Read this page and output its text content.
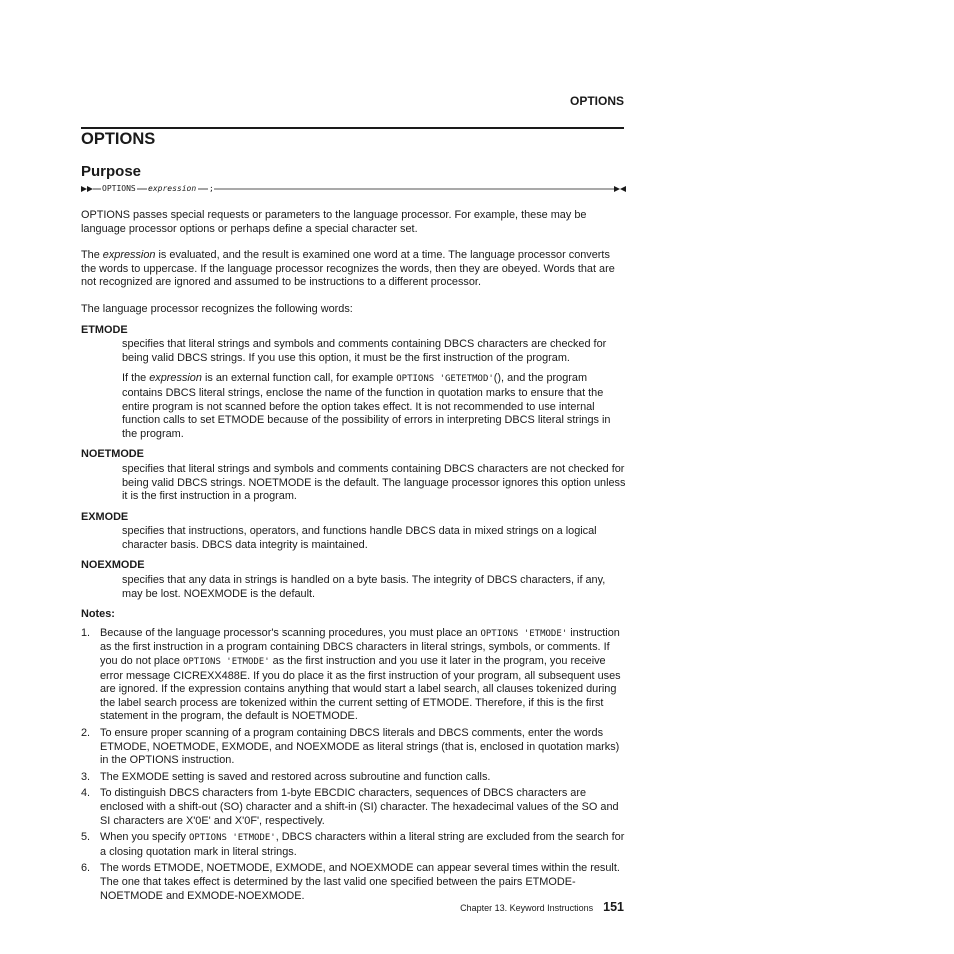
OPTIONS
OPTIONS
Purpose
OPTIONS expression ;

OPTIONS passes special requests or parameters to the language processor. For example, these may be language processor options or perhaps define a special character set.

The expression is evaluated, and the result is examined one word at a time. The language processor converts the words to uppercase. If the language processor recognizes the words, then they are obeyed. Words that are not recognized are ignored and assumed to be instructions to a different processor.

The language processor recognizes the following words:

ETMODE

specifies that literal strings and symbols and comments containing DBCS characters are checked for being valid DBCS strings. If you use this option, it must be the first instruction of the program.

If the expression is an external function call, for example OPTIONS 'GETETMOD'(), and the program contains DBCS literal strings, enclose the name of the function in quotation marks to ensure that the entire program is not scanned before the option takes effect. It is not recommended to use internal function calls to set ETMODE because of the possibility of errors in interpreting DBCS literal strings in the program.

NOETMODE

specifies that literal strings and symbols and comments containing DBCS characters are not checked for being valid DBCS strings. NOETMODE is the default. The language processor ignores this option unless it is the first instruction in a program.

EXMODE

specifies that instructions, operators, and functions handle DBCS data in mixed strings on a logical character basis. DBCS data integrity is maintained.

NOEXMODE

specifies that any data in strings is handled on a byte basis. The integrity of DBCS characters, if any, may be lost. NOEXMODE is the default.

Notes:
1. Because of the language processor's scanning procedures, you must place an OPTIONS 'ETMODE' instruction as the first instruction in a program containing DBCS characters in literal strings, symbols, or comments. If you do not place OPTIONS 'ETMODE' as the first instruction and you use it later in the program, you receive error message CICREXX488E. If you do place it as the first instruction of your program, all subsequent uses are ignored. If the expression contains anything that would start a label search, all clauses tokenized during the label search process are tokenized within the current setting of ETMODE. Therefore, if this is the first statement in the program, the default is NOETMODE.
2. To ensure proper scanning of a program containing DBCS literals and DBCS comments, enter the words ETMODE, NOETMODE, EXMODE, and NOEXMODE as literal strings (that is, enclosed in quotation marks) in the OPTIONS instruction.
3. The EXMODE setting is saved and restored across subroutine and function calls.
4. To distinguish DBCS characters from 1-byte EBCDIC characters, sequences of DBCS characters are enclosed with a shift-out (SO) character and a shift-in (SI) character. The hexadecimal values of the SO and SI characters are X'0E' and X'0F', respectively.
5. When you specify OPTIONS 'ETMODE', DBCS characters within a literal string are excluded from the search for a closing quotation mark in literal strings.
6. The words ETMODE, NOETMODE, EXMODE, and NOEXMODE can appear several times within the result. The one that takes effect is determined by the last valid one specified between the pairs ETMODE-NOETMODE and EXMODE-NOEXMODE.
Chapter 13. Keyword Instructions 151
